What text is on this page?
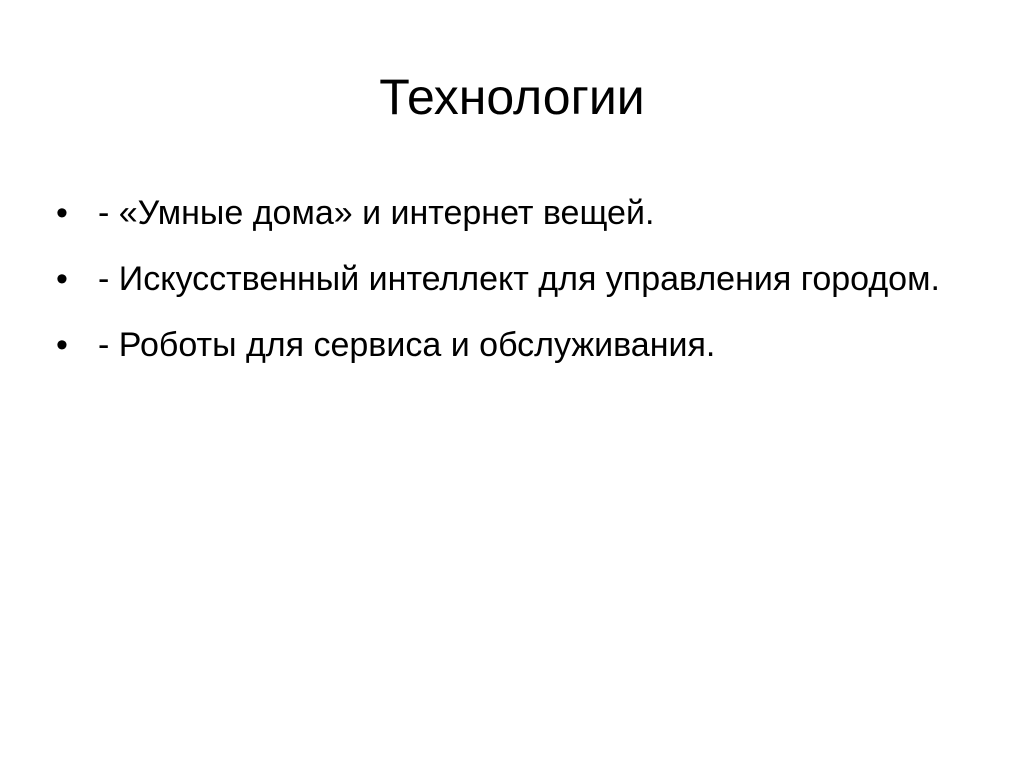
Технологии
• - «Умные дома» и интернет вещей.
• - Искусственный интеллект для управления городом.
• - Роботы для сервиса и обслуживания.
